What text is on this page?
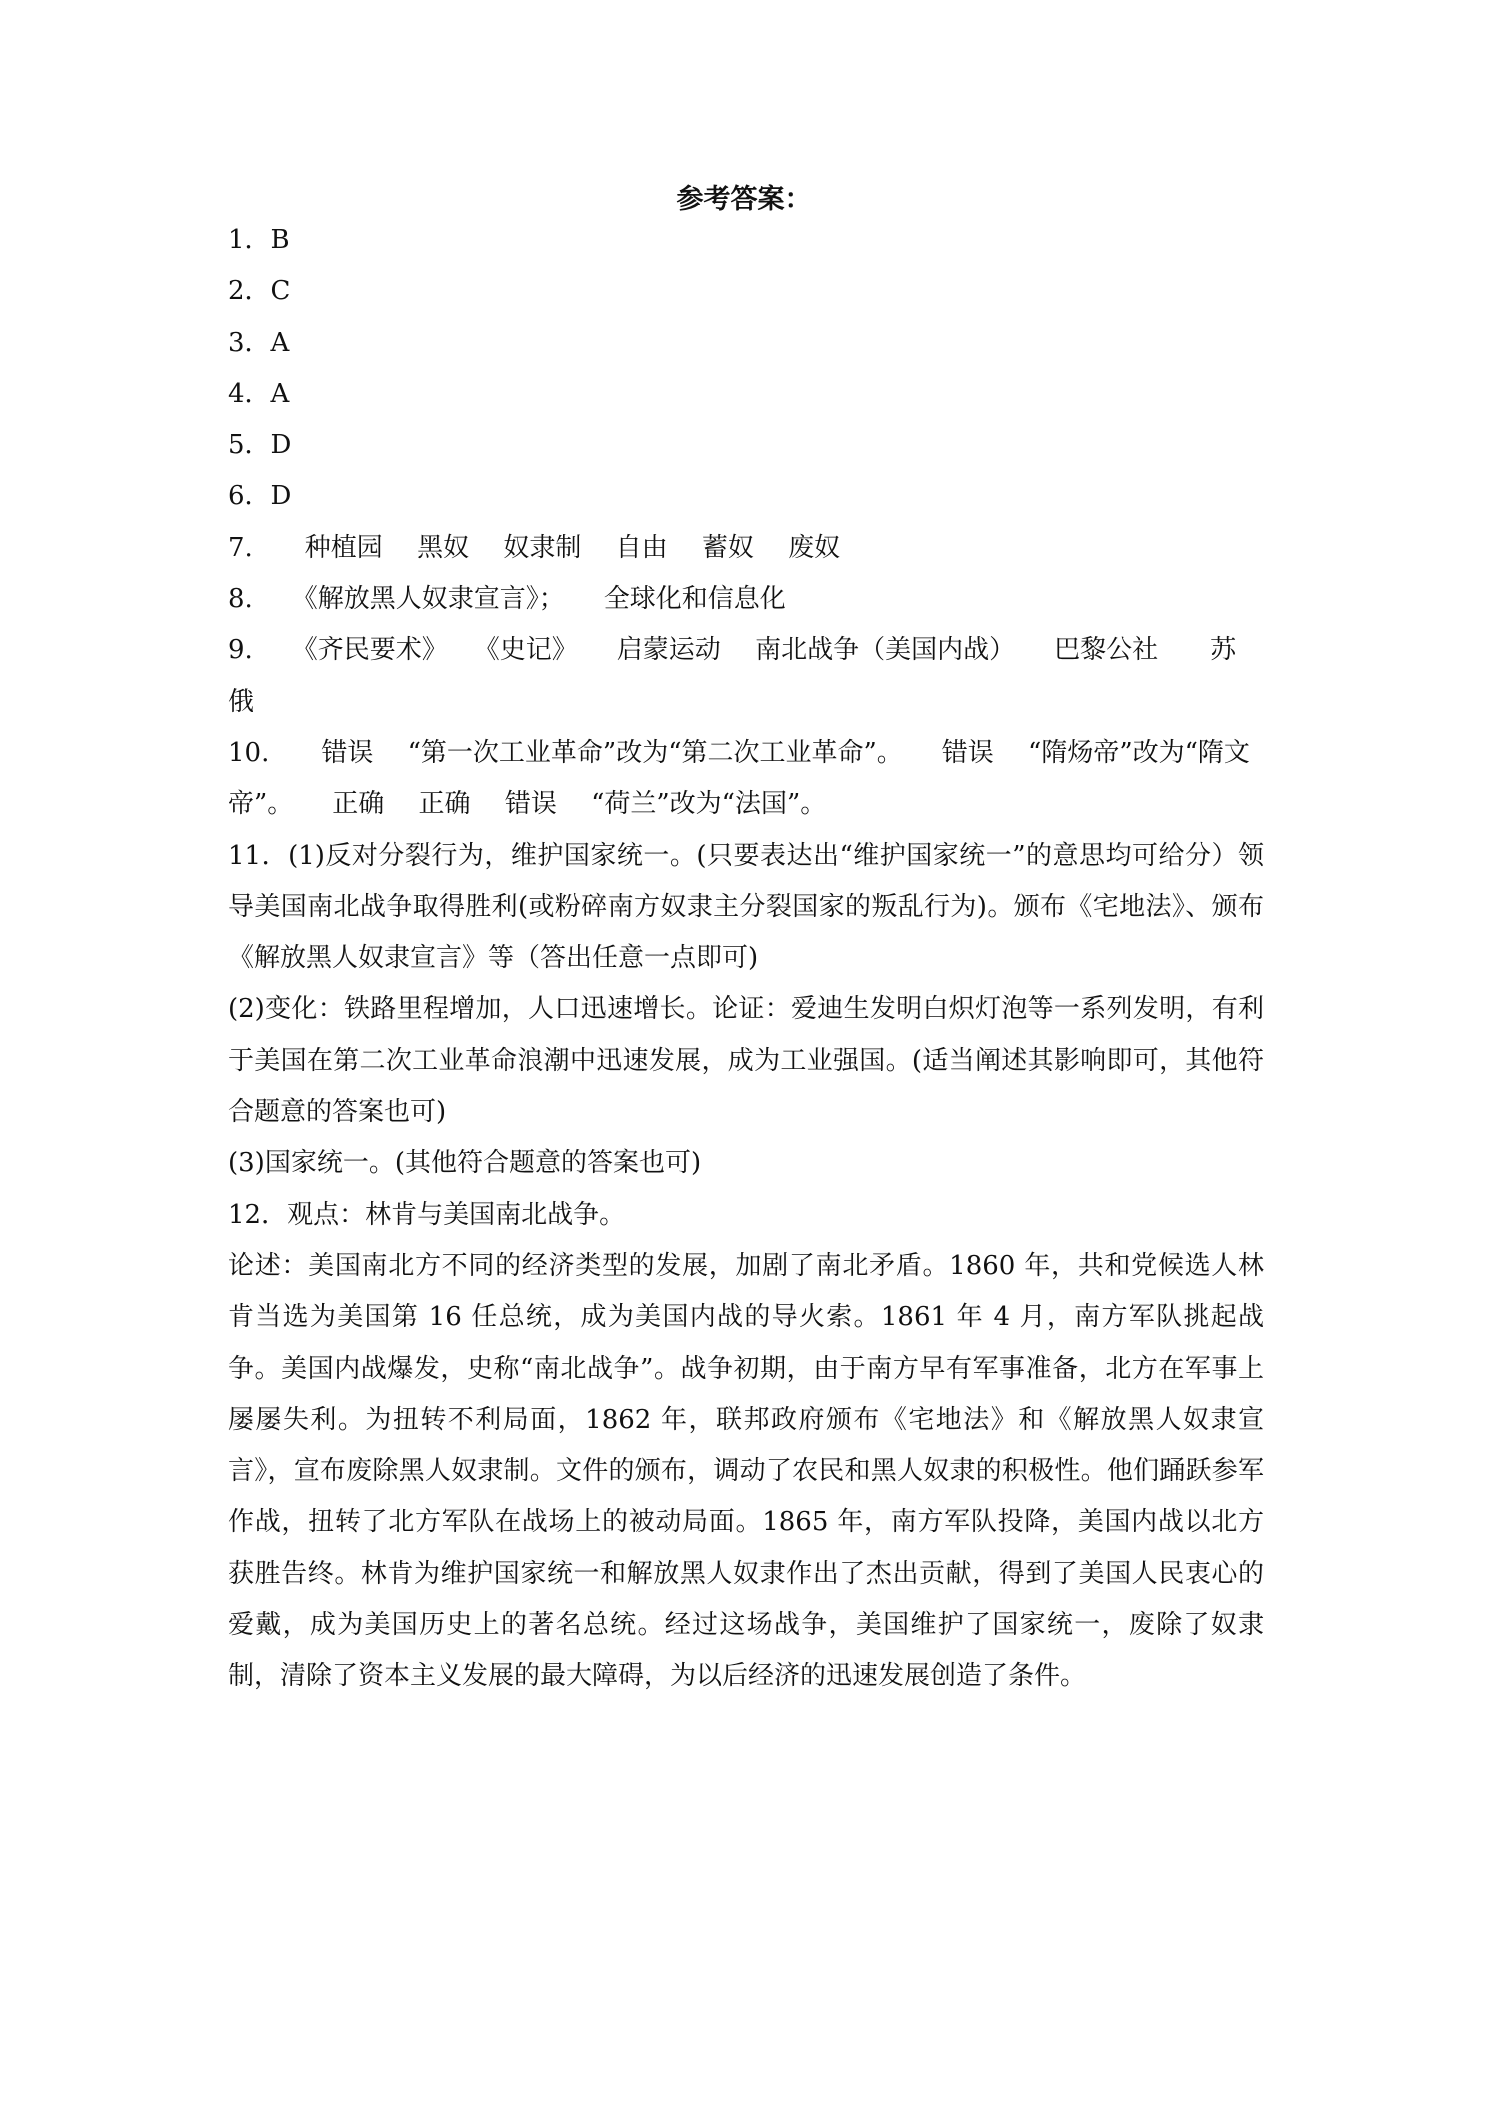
参考答案：
1．B
2．C
3．A
4．A
5．D
6．D
7.　　种植园　 黑奴　 奴隶制　 自由　 蓄奴　 废奴
8.　　《解放黑人奴隶宣言》；　　全球化和信息化
9.　　《齐民要术》　　《史记》　　启蒙运动　 南北战争（美国内战）　　巴黎公社　　苏
俄
10.　　错误　 “第一次工业革命”改为“第二次工业革命”。　　错误　 “隋炀帝”改为“隋文
帝”。　　正确　 正确　 错误　 “荷兰”改为“法国”。
11．(1)反对分裂行为，维护国家统一。(只要表达出“维护国家统一”的意思均可给分）领导美国南北战争取得胜利(或粉碎南方奴隶主分裂国家的叛乱行为)。颁布《宅地法》、颁布《解放黑人奴隶宣言》等（答出任意一点即可)
(2)变化：铁路里程增加，人口迅速增长。论证：爱迪生发明白炽灯泡等一系列发明，有利于美国在第二次工业革命浪潮中迅速发展，成为工业强国。(适当阐述其影响即可，其他符合题意的答案也可)
(3)国家统一。(其他符合题意的答案也可)
12．观点：林肯与美国南北战争。
论述：美国南北方不同的经济类型的发展，加剧了南北矛盾。1860 年，共和党候选人林肯当选为美国第 16 任总统，成为美国内战的导火索。1861 年 4 月，南方军队挑起战争。美国内战爆发，史称“南北战争”。战争初期，由于南方早有军事准备，北方在军事上屡屡失利。为扭转不利局面，1862 年，联邦政府颁布《宅地法》和《解放黑人奴隶宣言》，宣布废除黑人奴隶制。文件的颁布，调动了农民和黑人奴隶的积极性。他们踊跃参军作战，扭转了北方军队在战场上的被动局面。1865 年，南方军队投降，美国内战以北方获胜告终。林肯为维护国家统一和解放黑人奴隶作出了杰出贡献，得到了美国人民衷心的爱戴，成为美国历史上的著名总统。经过这场战争，美国维护了国家统一，废除了奴隶制，清除了资本主义发展的最大障碍，为以后经济的迅速发展创造了条件。
